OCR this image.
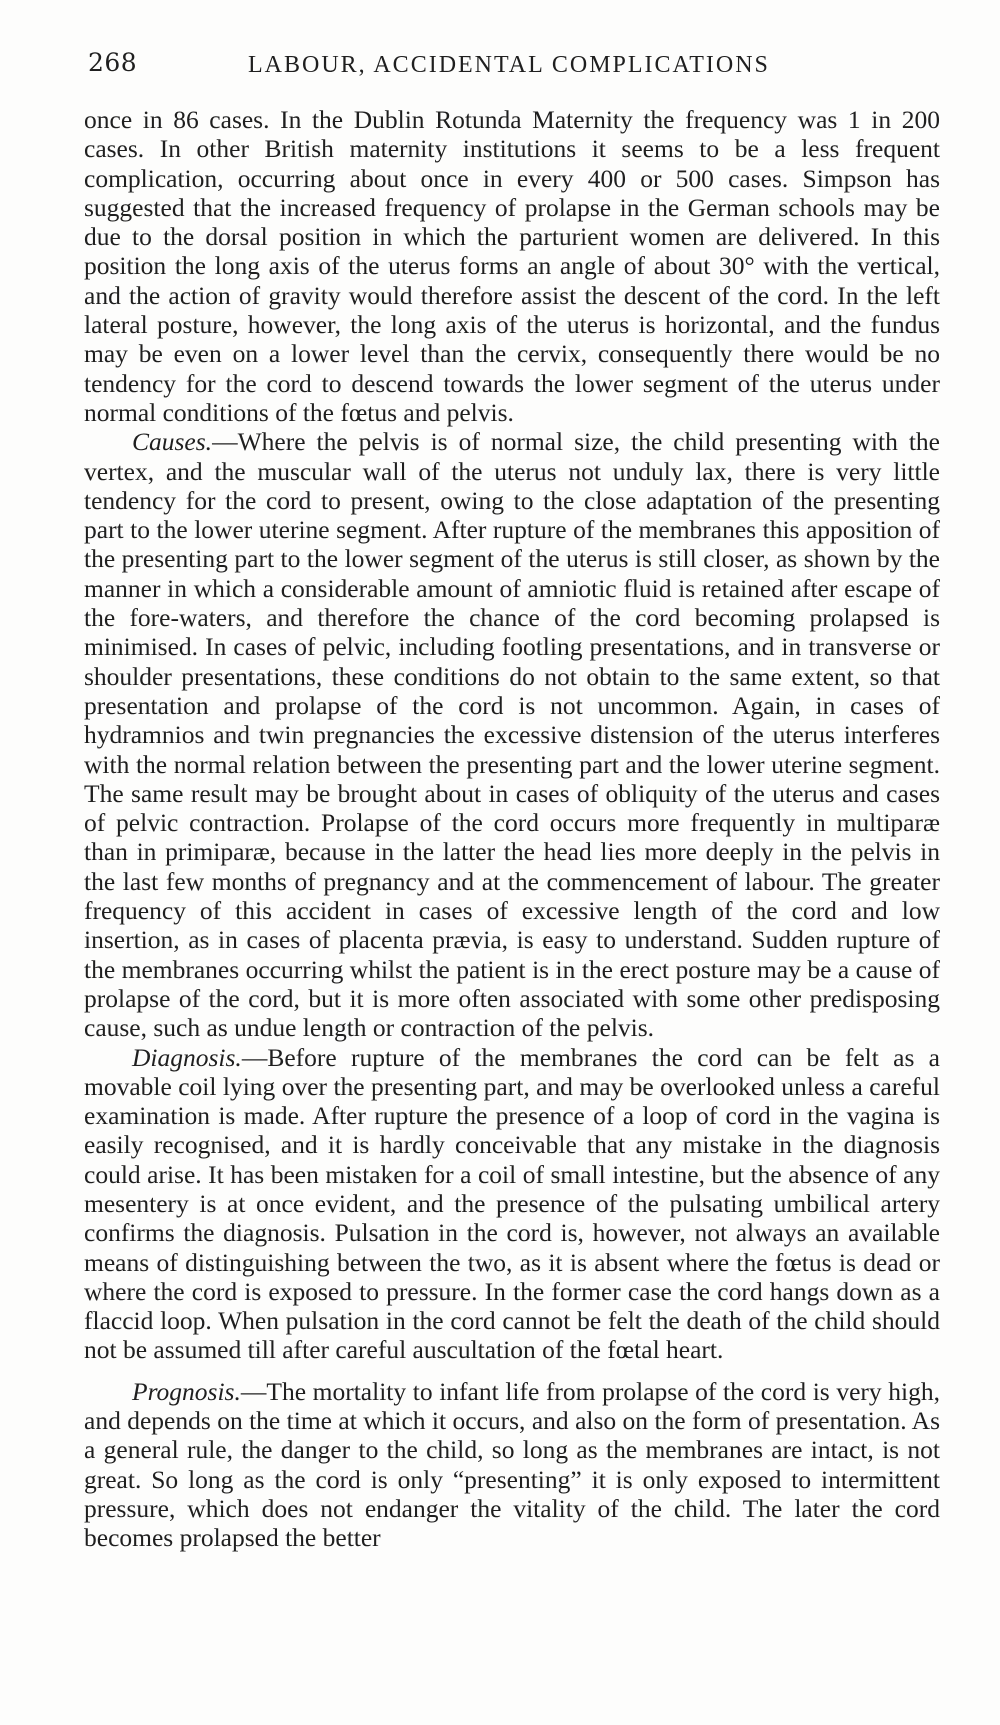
268	LABOUR, ACCIDENTAL COMPLICATIONS

once in 86 cases. In the Dublin Rotunda Maternity the frequency was 1 in 200 cases. In other British maternity institutions it seems to be a less frequent complication, occurring about once in every 400 or 500 cases. Simpson has suggested that the increased frequency of prolapse in the German schools may be due to the dorsal position in which the parturient women are delivered. In this position the long axis of the uterus forms an angle of about 30° with the vertical, and the action of gravity would therefore assist the descent of the cord. In the left lateral posture, however, the long axis of the uterus is horizontal, and the fundus may be even on a lower level than the cervix, consequently there would be no tendency for the cord to descend towards the lower segment of the uterus under normal conditions of the fœtus and pelvis.

Causes.—Where the pelvis is of normal size, the child presenting with the vertex, and the muscular wall of the uterus not unduly lax, there is very little tendency for the cord to present, owing to the close adaptation of the presenting part to the lower uterine segment. After rupture of the membranes this apposition of the presenting part to the lower segment of the uterus is still closer, as shown by the manner in which a considerable amount of amniotic fluid is retained after escape of the fore-waters, and therefore the chance of the cord becoming prolapsed is minimised. In cases of pelvic, including footling presentations, and in transverse or shoulder presentations, these conditions do not obtain to the same extent, so that presentation and prolapse of the cord is not uncommon. Again, in cases of hydramnios and twin pregnancies the excessive distension of the uterus interferes with the normal relation between the presenting part and the lower uterine segment. The same result may be brought about in cases of obliquity of the uterus and cases of pelvic contraction. Prolapse of the cord occurs more frequently in multiparæ than in primiparæ, because in the latter the head lies more deeply in the pelvis in the last few months of pregnancy and at the commencement of labour. The greater frequency of this accident in cases of excessive length of the cord and low insertion, as in cases of placenta prævia, is easy to understand. Sudden rupture of the membranes occurring whilst the patient is in the erect posture may be a cause of prolapse of the cord, but it is more often associated with some other predisposing cause, such as undue length or contraction of the pelvis.

Diagnosis.—Before rupture of the membranes the cord can be felt as a movable coil lying over the presenting part, and may be overlooked unless a careful examination is made. After rupture the presence of a loop of cord in the vagina is easily recognised, and it is hardly conceivable that any mistake in the diagnosis could arise. It has been mistaken for a coil of small intestine, but the absence of any mesentery is at once evident, and the presence of the pulsating umbilical artery confirms the diagnosis. Pulsation in the cord is, however, not always an available means of distinguishing between the two, as it is absent where the fœtus is dead or where the cord is exposed to pressure. In the former case the cord hangs down as a flaccid loop. When pulsation in the cord cannot be felt the death of the child should not be assumed till after careful auscultation of the fœtal heart.

Prognosis.—The mortality to infant life from prolapse of the cord is very high, and depends on the time at which it occurs, and also on the form of presentation. As a general rule, the danger to the child, so long as the membranes are intact, is not great. So long as the cord is only “presenting” it is only exposed to intermittent pressure, which does not endanger the vitality of the child. The later the cord becomes prolapsed the better
